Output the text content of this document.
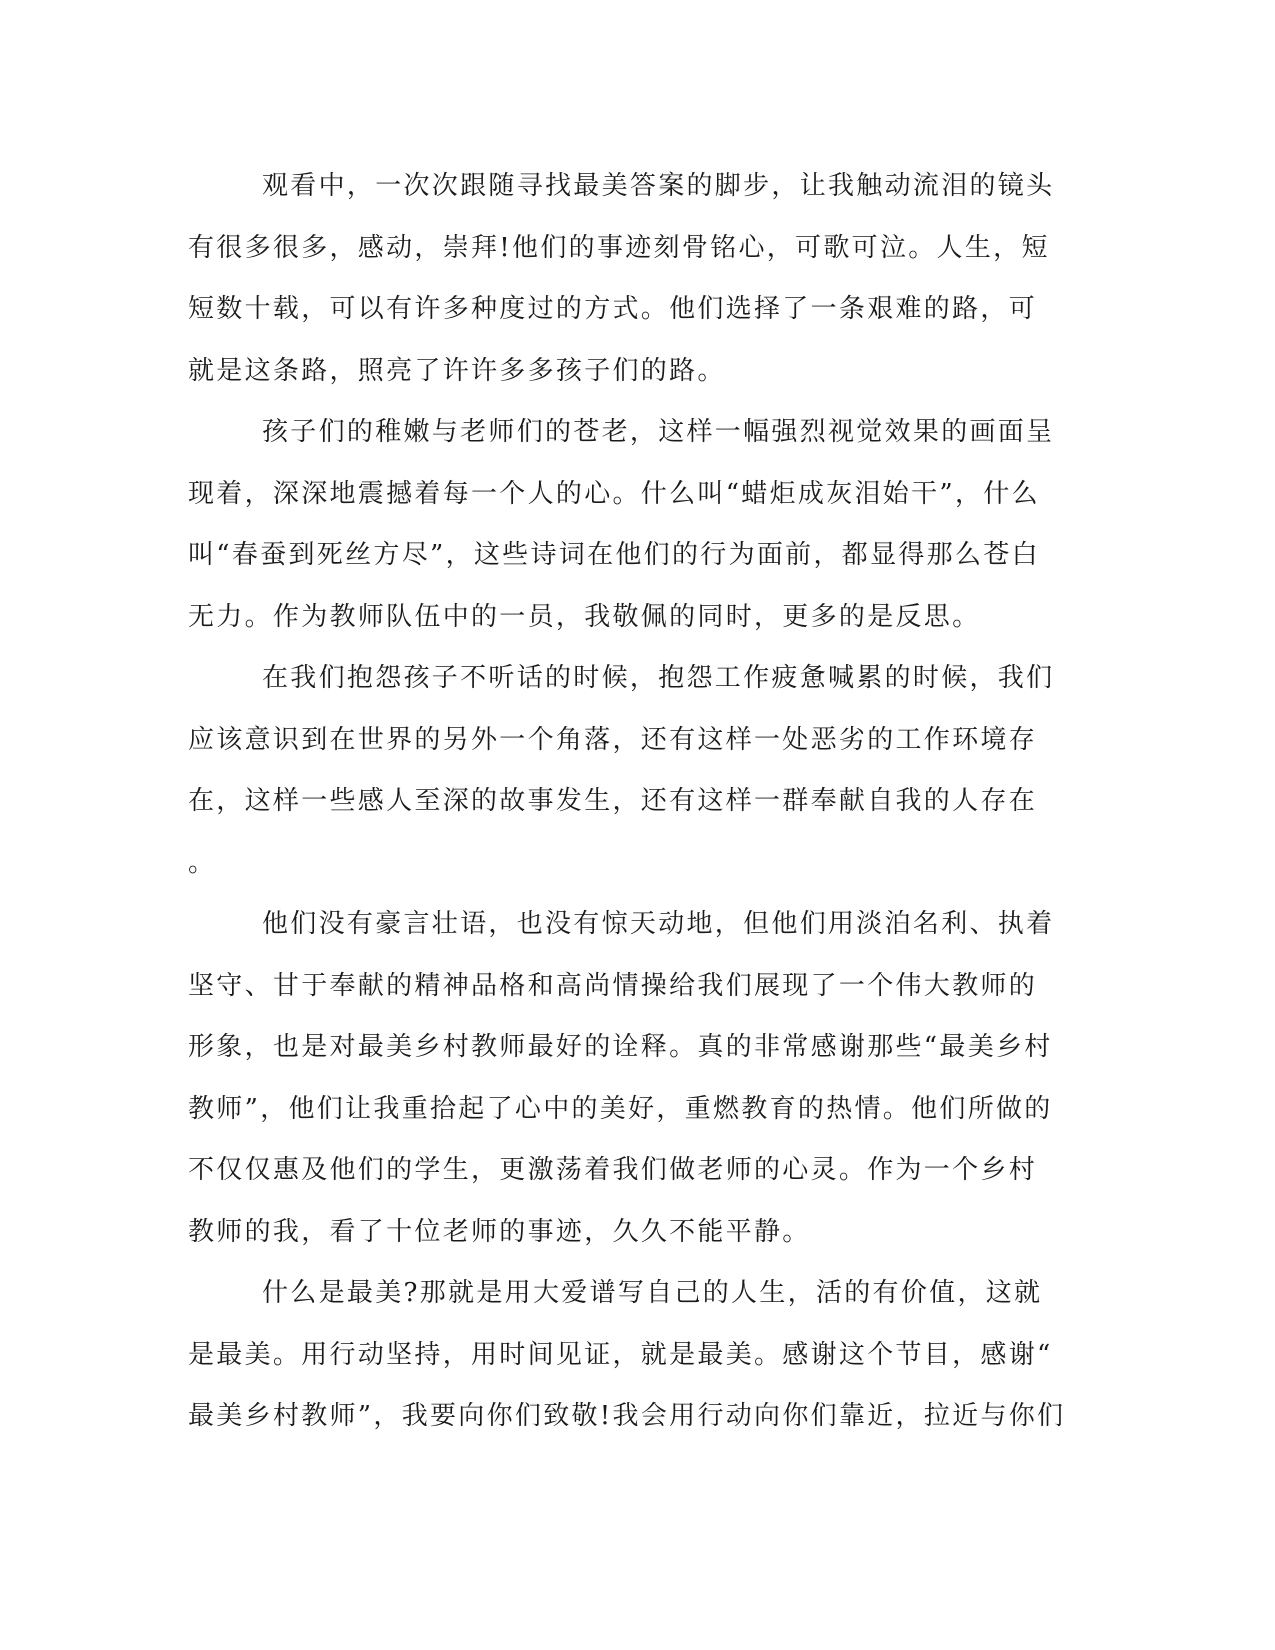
观看中，一次次跟随寻找最美答案的脚步，让我触动流泪的镜头
有很多很多，感动，崇拜!他们的事迹刻骨铭心，可歌可泣。人生，短
短数十载，可以有许多种度过的方式。他们选择了一条艰难的路，可
就是这条路，照亮了许许多多孩子们的路。
孩子们的稚嫩与老师们的苍老，这样一幅强烈视觉效果的画面呈
现着，深深地震撼着每一个人的心。什么叫“蜡炬成灰泪始干”，什么
叫“春蚕到死丝方尽”，这些诗词在他们的行为面前，都显得那么苍白
无力。作为教师队伍中的一员，我敬佩的同时，更多的是反思。
在我们抱怨孩子不听话的时候，抱怨工作疲惫喊累的时候，我们
应该意识到在世界的另外一个角落，还有这样一处恶劣的工作环境存
在，这样一些感人至深的故事发生，还有这样一群奉献自我的人存在
。
他们没有豪言壮语，也没有惊天动地，但他们用淡泊名利、执着
坚守、甘于奉献的精神品格和高尚情操给我们展现了一个伟大教师的
形象，也是对最美乡村教师最好的诠释。真的非常感谢那些“最美乡村
教师”，他们让我重拾起了心中的美好，重燃教育的热情。他们所做的
不仅仅惠及他们的学生，更激荡着我们做老师的心灵。作为一个乡村
教师的我，看了十位老师的事迹，久久不能平静。
什么是最美?那就是用大爱谱写自己的人生，活的有价值，这就
是最美。用行动坚持，用时间见证，就是最美。感谢这个节目，感谢“
最美乡村教师”，我要向你们致敬!我会用行动向你们靠近，拉近与你们
